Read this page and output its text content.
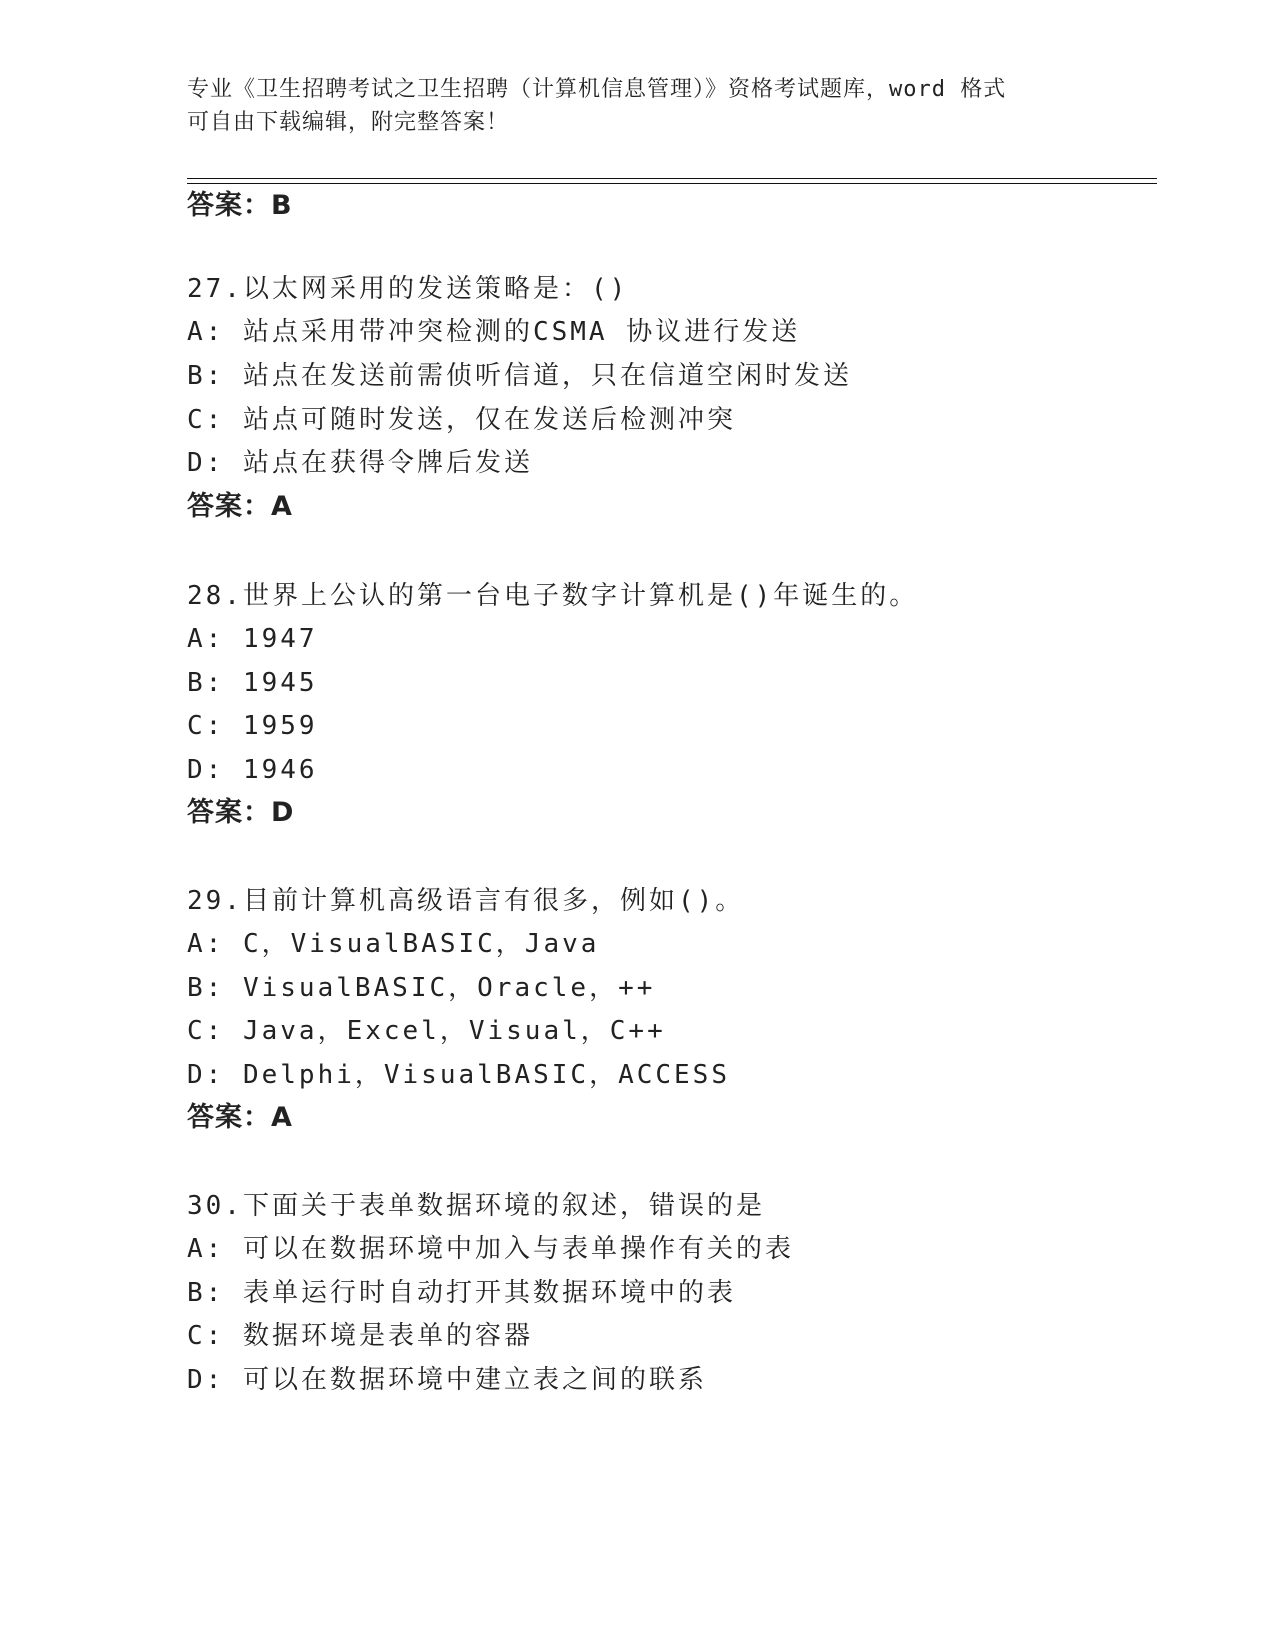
专业《卫生招聘考试之卫生招聘（计算机信息管理）》资格考试题库，word 格式
可自由下载编辑，附完整答案！
答案：B
27.以太网采用的发送策略是：()
A: 站点采用带冲突检测的CSMA 协议进行发送
B: 站点在发送前需侦听信道，只在信道空闲时发送
C: 站点可随时发送，仅在发送后检测冲突
D: 站点在获得令牌后发送
答案：A
28.世界上公认的第一台电子数字计算机是()年诞生的。
A: 1947
B: 1945
C: 1959
D: 1946
答案：D
29.目前计算机高级语言有很多，例如()。
A: C，VisualBASIC，Java
B: VisualBASIC，Oracle，++
C: Java，Excel，Visual，C++
D: Delphi，VisualBASIC，ACCESS
答案：A
30.下面关于表单数据环境的叙述，错误的是
A: 可以在数据环境中加入与表单操作有关的表
B: 表单运行时自动打开其数据环境中的表
C: 数据环境是表单的容器
D: 可以在数据环境中建立表之间的联系
